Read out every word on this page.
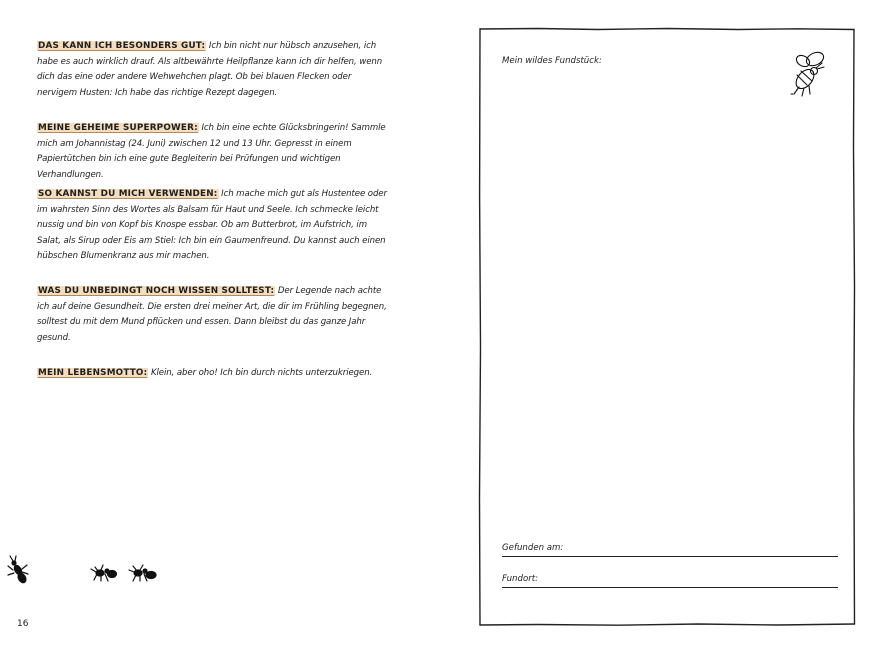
DAS KANN ICH BESONDERS GUT: Ich bin nicht nur hübsch anzusehen, ich habe es auch wirklich drauf. Als altbewährte Heilpflanze kann ich dir helfen, wenn dich das eine oder andere Wehwehchen plagt. Ob bei blauen Flecken oder nervigem Husten: Ich habe das richtige Rezept dagegen.
MEINE GEHEIME SUPERPOWER: Ich bin eine echte Glücksbringerin! Sammle mich am Johannistag (24. Juni) zwischen 12 und 13 Uhr. Gepresst in einem Papiertütchen bin ich eine gute Begleiterin bei Prüfungen und wichtigen Verhandlungen.
SO KANNST DU MICH VERWENDEN: Ich mache mich gut als Hustentee oder im wahrsten Sinn des Wortes als Balsam für Haut und Seele. Ich schmecke leicht nussig und bin von Kopf bis Knospe essbar. Ob am Butterbrot, im Aufstrich, im Salat, als Sirup oder Eis am Stiel: Ich bin ein Gaumenfreund. Du kannst auch einen hübschen Blumenkranz aus mir machen.
WAS DU UNBEDINGT NOCH WISSEN SOLLTEST: Der Legende nach achte ich auf deine Gesundheit. Die ersten drei meiner Art, die dir im Frühling begegnen, solltest du mit dem Mund pflücken und essen. Dann bleibst du das ganze Jahr gesund.
MEIN LEBENSMOTTO: Klein, aber oho! Ich bin durch nichts unterzukriegen.
16
Mein wildes Fundstück:
Gefunden am:
Fundort:
